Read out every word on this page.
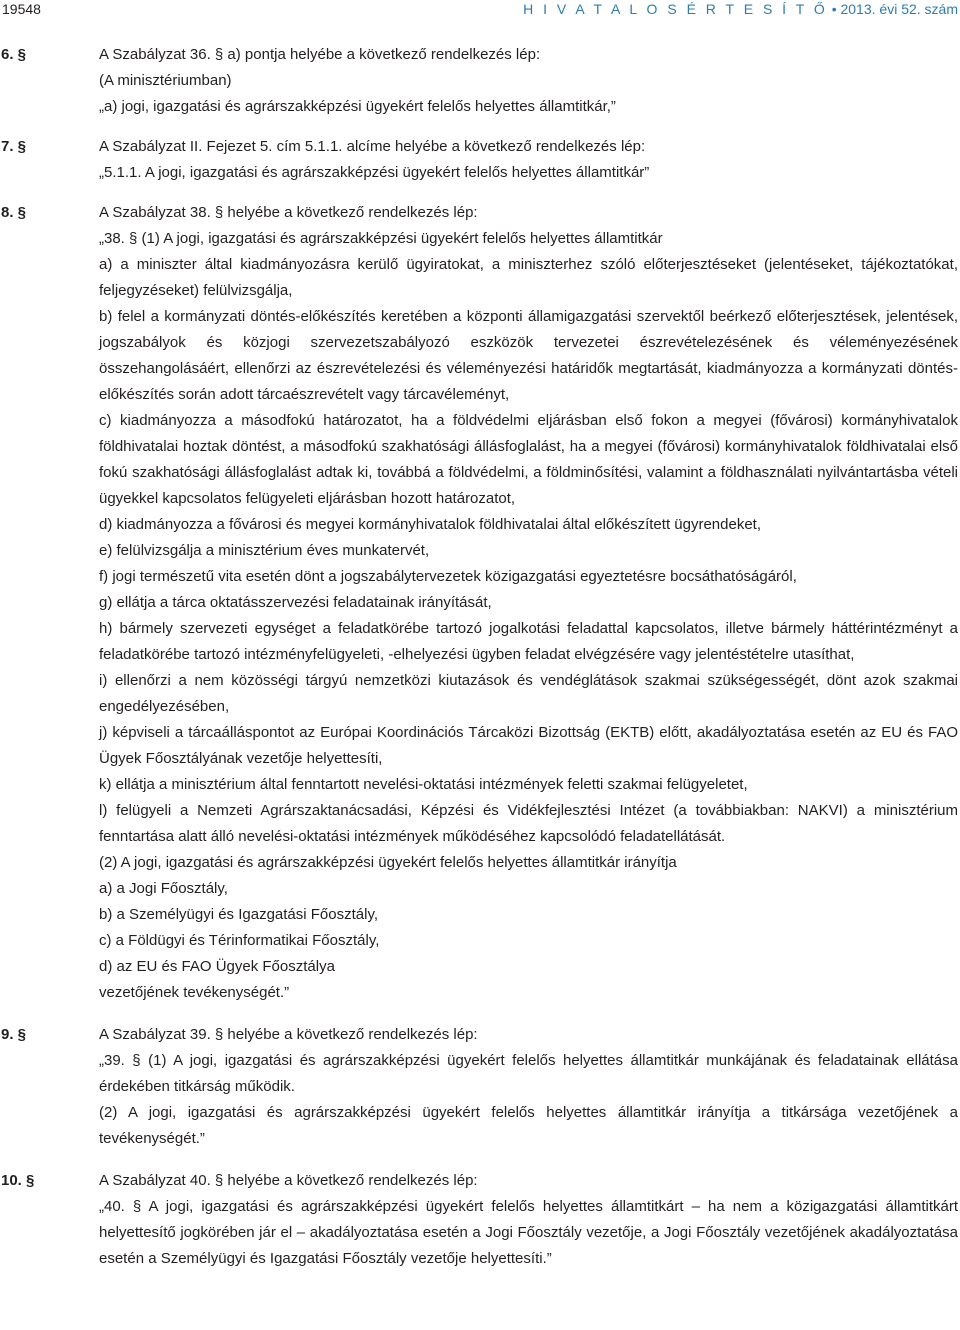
19548	H I V A T A L O S É R T E S Í T Ő • 2013. évi 52. szám
6. §	A Szabályzat 36. § a) pontja helyébe a következő rendelkezés lép:

(A minisztériumban)

„a) jogi, igazgatási és agrárszakképzési ügyekért felelős helyettes államtitkár,”

7. §	A Szabályzat II. Fejezet 5. cím 5.1.1. alcíme helyébe a következő rendelkezés lép:

„5.1.1. A jogi, igazgatási és agrárszakképzési ügyekért felelős helyettes államtitkár”

8. §	A Szabályzat 38. § helyébe a következő rendelkezés lép:

„38. § (1) A jogi, igazgatási és agrárszakképzési ügyekért felelős helyettes államtitkár

a) a miniszter által kiadmányozásra kerülő ügyiratokat, a miniszterhez szóló előterjesztéseket (jelentéseket, tájékoztatókat, feljegyzéseket) felülvizsgálja,

b) felel a kormányzati döntés-előkészítés keretében a központi államigazgatási szervektől beérkező előterjesztések, jelentések, jogszabályok és közjogi szervezetszabályozó eszközök tervezetei észrevételezésének és véleményezésének összehangolásáért, ellenőrzi az észrevételezési és véleményezési határidők megtartását, kiadmányozza a kormányzati döntés-előkészítés során adott tárcaészrevételt vagy tárcavéleményt,

c) kiadmányozza a másodfokú határozatot, ha a földvédelmi eljárásban első fokon a megyei (fővárosi) kormányhivatalok földhivatalai hoztak döntést, a másodfokú szakhatósági állásfoglalást, ha a megyei (fővárosi) kormányhivatalok földhivatalai első fokú szakhatósági állásfoglalást adtak ki, továbbá a földvédelmi, a földminősítési, valamint a földhasználati nyilvántartásba vételi ügyekkel kapcsolatos felügyeleti eljárásban hozott határozatot,

d) kiadmányozza a fővárosi és megyei kormányhivatalok földhivatalai által előkészített ügyrendeket,

e) felülvizsgálja a minisztérium éves munkatervét,

f) jogi természetű vita esetén dönt a jogszabálytervezetek közigazgatási egyeztetésre bocsáthatóságáról,

g) ellátja a tárca oktatásszervezési feladatainak irányítását,

h) bármely szervezeti egységet a feladatkörébe tartozó jogalkotási feladattal kapcsolatos, illetve bármely háttérintézményt a feladatkörébe tartozó intézményfelügyeleti, -elhelyezési ügyben feladat elvégzésére vagy jelentéstételre utasíthat,

i) ellenőrzi a nem közösségi tárgyú nemzetközi kiutazások és vendéglátások szakmai szükségességét, dönt azok szakmai engedélyezésében,

j) képviseli a tárcaálláspontot az Európai Koordinációs Tárcaközi Bizottság (EKTB) előtt, akadályoztatása esetén az EU és FAO Ügyek Főosztályának vezetője helyettesíti,

k) ellátja a minisztérium által fenntartott nevelési-oktatási intézmények feletti szakmai felügyeletet,

l) felügyeli a Nemzeti Agrárszaktanácsadási, Képzési és Vidékfejlesztési Intézet (a továbbiakban: NAKVI) a minisztérium fenntartása alatt álló nevelési-oktatási intézmények működéséhez kapcsolódó feladatellátását.

(2) A jogi, igazgatási és agrárszakképzési ügyekért felelős helyettes államtitkár irányítja

a) a Jogi Főosztály,

b) a Személyügyi és Igazgatási Főosztály,

c) a Földügyi és Térinformatikai Főosztály,

d) az EU és FAO Ügyek Főosztálya

vezetőjének tevékenységét.”

9. §	A Szabályzat 39. § helyébe a következő rendelkezés lép:

„39. § (1) A jogi, igazgatási és agrárszakképzési ügyekért felelős helyettes államtitkár munkájának és feladatainak ellátása érdekében titkárság működik.

(2) A jogi, igazgatási és agrárszakképzési ügyekért felelős helyettes államtitkár irányítja a titkársága vezetőjének a tevékenységét.”

10. §	A Szabályzat 40. § helyébe a következő rendelkezés lép:

„40. § A jogi, igazgatási és agrárszakképzési ügyekért felelős helyettes államtitkárt – ha nem a közigazgatási államtitkárt helyettesítő jogkörében jár el – akadályoztatása esetén a Jogi Főosztály vezetője, a Jogi Főosztály vezetőjének akadályoztatása esetén a Személyügyi és Igazgatási Főosztály vezetője helyettesíti.”
